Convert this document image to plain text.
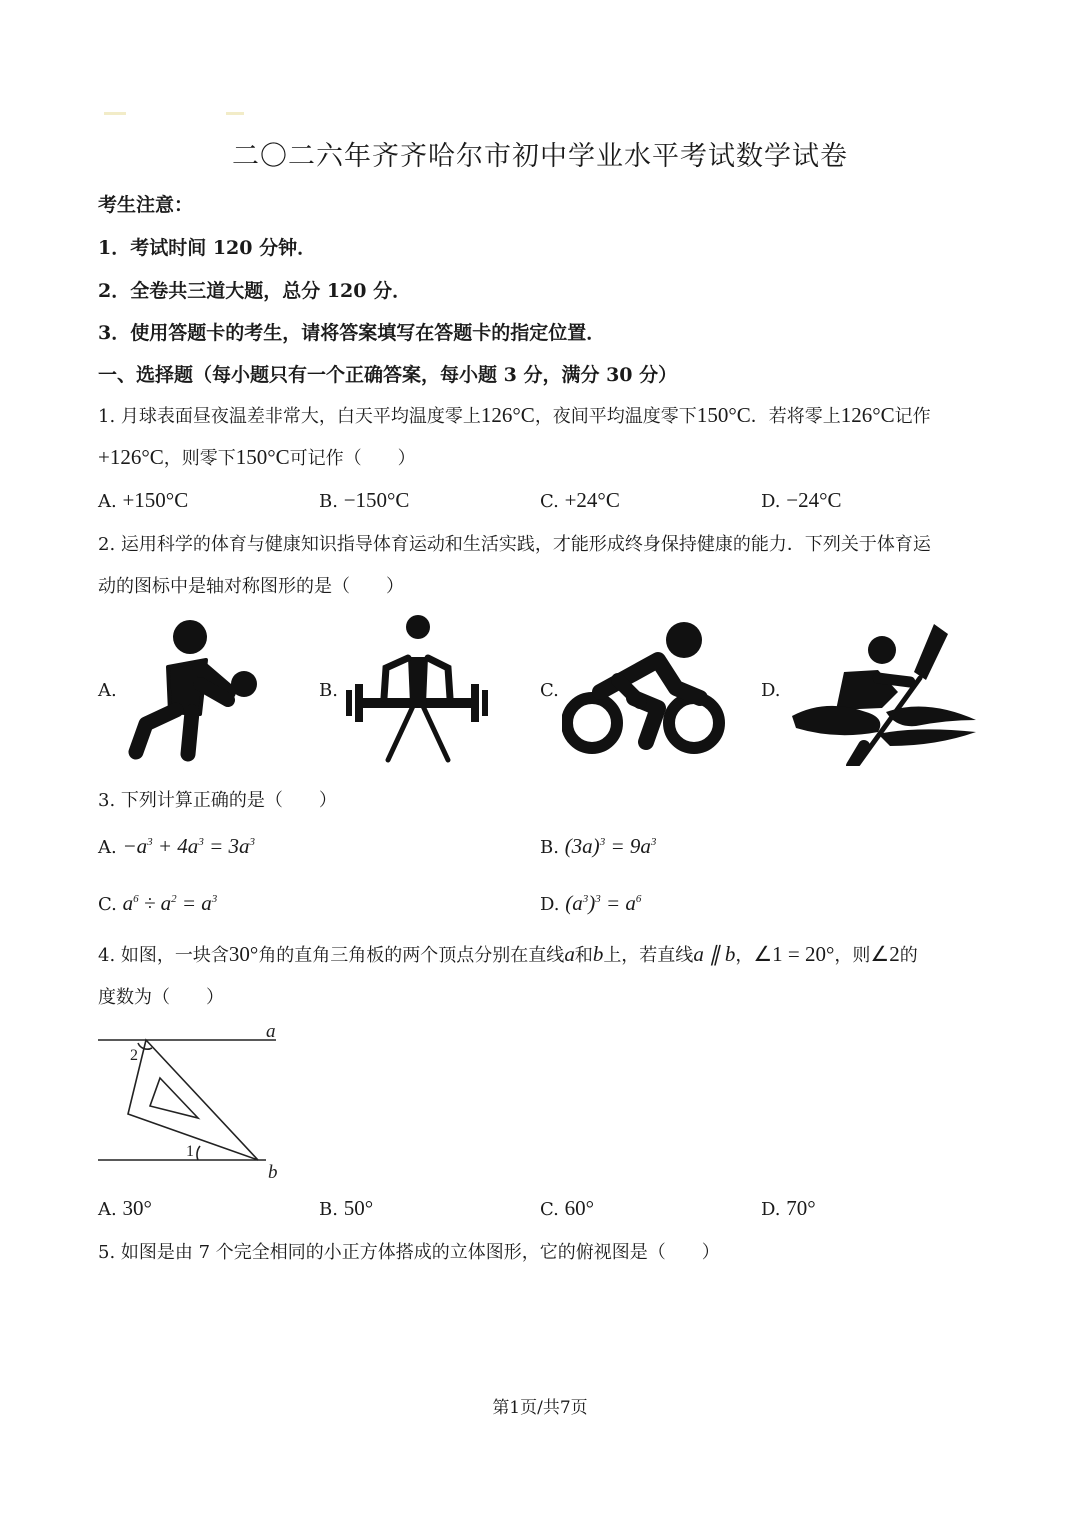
二〇二六年齐齐哈尔市初中学业水平考试数学试卷
考生注意：
1．考试时间 120 分钟．
2．全卷共三道大题，总分 120 分．
3．使用答题卡的考生，请将答案填写在答题卡的指定位置．
一、选择题（每小题只有一个正确答案，每小题 3 分，满分 30 分）
1. 月球表面昼夜温差非常大，白天平均温度零上126°C，夜间平均温度零下150°C．若将零上126°C记作
+126°C，则零下150°C可记作（　　）
A. +150°C	B. −150°C	C. +24°C	D. −24°C
2. 运用科学的体育与健康知识指导体育运动和生活实践，才能形成终身保持健康的能力．下列关于体育运
动的图标中是轴对称图形的是（　　）
A.	B.	C.	D.
3. 下列计算正确的是（　　）
A. $-a^3 + 4a^3 = 3a^3$	B. $(3a)^3 = 9a^3$
C. $a^6 \div a^2 = a^3$	D. $(a^3)^3 = a^6$
4. 如图，一块含30°角的直角三角板的两个顶点分别在直线a和b上，若直线a ∥ b，∠1 = 20°，则∠2的
度数为（　　）
a
b
1
2
A. 30°	B. 50°	C. 60°	D. 70°
5. 如图是由 7 个完全相同的小正方体搭成的立体图形，它的俯视图是（　　）
第1页/共7页
